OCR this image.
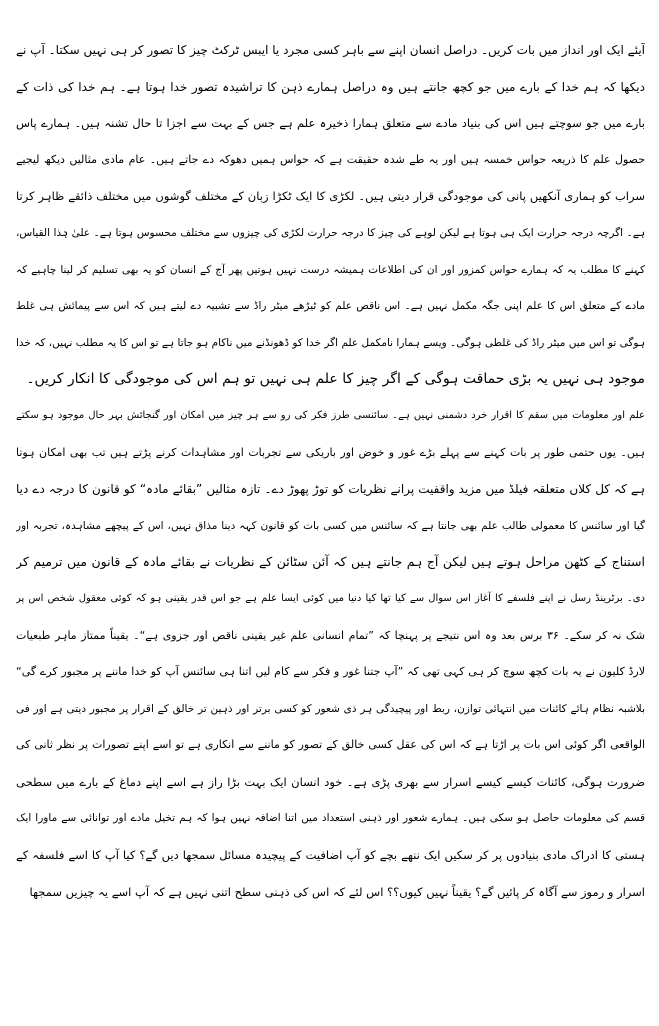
آیئے ایک اور انداز میں بات کریں۔ دراصل انسان اپنے سے باہر کسی مجرد یا ایبس ٹرکٹ چیز کا تصور کر ہی نہیں سکتا۔ آپ نے
دیکھا کہ ہم خدا کے بارے میں جو کچھ جانتے ہیں وہ دراصل ہمارے ذہن کا تراشیدہ تصور خدا ہوتا ہے۔ ہم خدا کی ذات کے
بارے میں جو سوچتے ہیں اس کی بنیاد مادے سے متعلق ہمارا ذخیرہ علم ہے جس کے بہت سے اجزا تا حال تشنہ ہیں۔ ہمارے پاس
حصول علم کا ذریعہ حواس خمسہ ہیں اور یہ طے شدہ حقیقت ہے کہ حواس ہمیں دھوکہ دے جاتے ہیں۔ عام مادی مثالیں دیکھ لیجیے
سراب کو ہماری آنکھیں پانی کی موجودگی قرار دیتی ہیں۔ لکڑی کا ایک ٹکڑا زبان کے مختلف گوشوں میں مختلف ذائقے ظاہر کرتا
ہے۔ اگرچہ درجہ حرارت ایک ہی ہوتا ہے لیکن لوہے کی چیز کا درجہ حرارت لکڑی کی چیزوں سے مختلف محسوس ہوتا ہے۔ علیٰ ہٰذا القیاس،
کہنے کا مطلب یہ کہ ہمارے حواس کمزور اور ان کی اطلاعات ہمیشہ درست نہیں ہوتیں پھر آج کے انسان کو یہ بھی تسلیم کر لینا چاہیے کہ
مادے کے متعلق اس کا علم اپنی جگہ مکمل نہیں ہے۔ اس ناقص علم کو ٹیڑھے میٹر راڈ سے تشبیہ دے لیتے ہیں کہ اس سے پیمائش ہی غلط
ہوگی تو اس میں میٹر راڈ کی غلطی ہوگی۔ ویسے ہمارا نامکمل علم اگر خدا کو ڈھونڈنے میں ناکام ہو جاتا ہے تو اس کا یہ مطلب نہیں، کہ خدا
موجود ہی نہیں یہ بڑی حماقت ہوگی کے اگر چیز کا علم ہی نہیں تو ہم اس کی موجودگی کا انکار کریں۔
علم اور معلومات میں سقم کا اقرار خرد دشمنی نہیں ہے۔ سائنسی طرز فکر کی رو سے ہر چیز میں امکان اور گنجائش بہر حال موجود ہو سکتے
ہیں۔ یوں حتمی طور پر بات کہنے سے پہلے بڑے غور و خوض اور باریکی سے تجربات اور مشاہدات کرنے پڑتے ہیں تب بھی امکان ہوتا
ہے کہ کل کلاں متعلقہ فیلڈ میں مزید واقفیت پرانے نظریات کو توڑ پھوڑ دے۔ تازہ مثالیں ”بقائے مادہ“ کو قانون کا درجہ دے دیا
گیا اور سائنس کا معمولی طالب علم بھی جانتا ہے کہ سائنس میں کسی بات کو قانون کہہ دینا مذاق نہیں، اس کے پیچھے مشاہدہ، تجربہ اور
استناج کے کٹھن مراحل ہوتے ہیں لیکن آج ہم جانتے ہیں کہ آئن سٹائن کے نظریات نے بقائے مادہ کے قانون میں ترمیم کر
دی۔ برٹرینڈ رسل نے اپنے فلسفے کا آغاز اس سوال سے کیا تھا کیا دنیا میں کوئی ایسا علم ہے جو اس قدر یقینی ہو کہ کوئی معقول شخص اس پر
شک نہ کر سکے۔ ۳۶ برس بعد وہ اس نتیجے پر پہنچا کہ ”تمام انسانی علم غیر یقینی ناقص اور جزوی ہے“۔ یقیناً ممتاز ماہر طبعیات
لارڈ کلیون نے یہ بات کچھ سوچ کر ہی کہی تھی کہ ”آپ جتنا غور و فکر سے کام لیں اتنا ہی سائنس آپ کو خدا ماننے پر مجبور کرے گی“
بلاشبہ نظام ہائے کائنات میں انتہائی توازن، ربط اور پیچیدگی ہر ذی شعور کو کسی برتر اور ذہین تر خالق کے اقرار پر مجبور دیتی ہے اور فی
الواقعی اگر کوئی اس بات پر اڑتا ہے کہ اس کی عقل کسی خالق کے تصور کو ماننے سے انکاری ہے تو اسے اپنے تصورات پر نظر ثانی کی
ضرورت ہوگی، کائنات کیسے کیسے اسرار سے بھری پڑی ہے۔ خود انسان ایک بہت بڑا راز ہے اسے اپنے دماغ کے بارے میں سطحی
قسم کی معلومات حاصل ہو سکی ہیں۔ ہمارے شعور اور ذہنی استعداد میں اتنا اضافہ نہیں ہوا کہ ہم تخیل مادے اور توانائی سے ماورا ایک
ہستی کا ادراک مادی بنیادوں پر کر سکیں ایک ننھے بچے کو آپ اضافیت کے پیچیدہ مسائل سمجھا دیں گے؟ کیا آپ کا اسے فلسفہ کے
اسرار و رموز سے آگاہ کر پائیں گے؟ یقیناً نہیں کیوں؟؟ اس لئے کہ اس کی ذہنی سطح اتنی نہیں ہے کہ آپ اسے یہ چیزیں سمجھا
